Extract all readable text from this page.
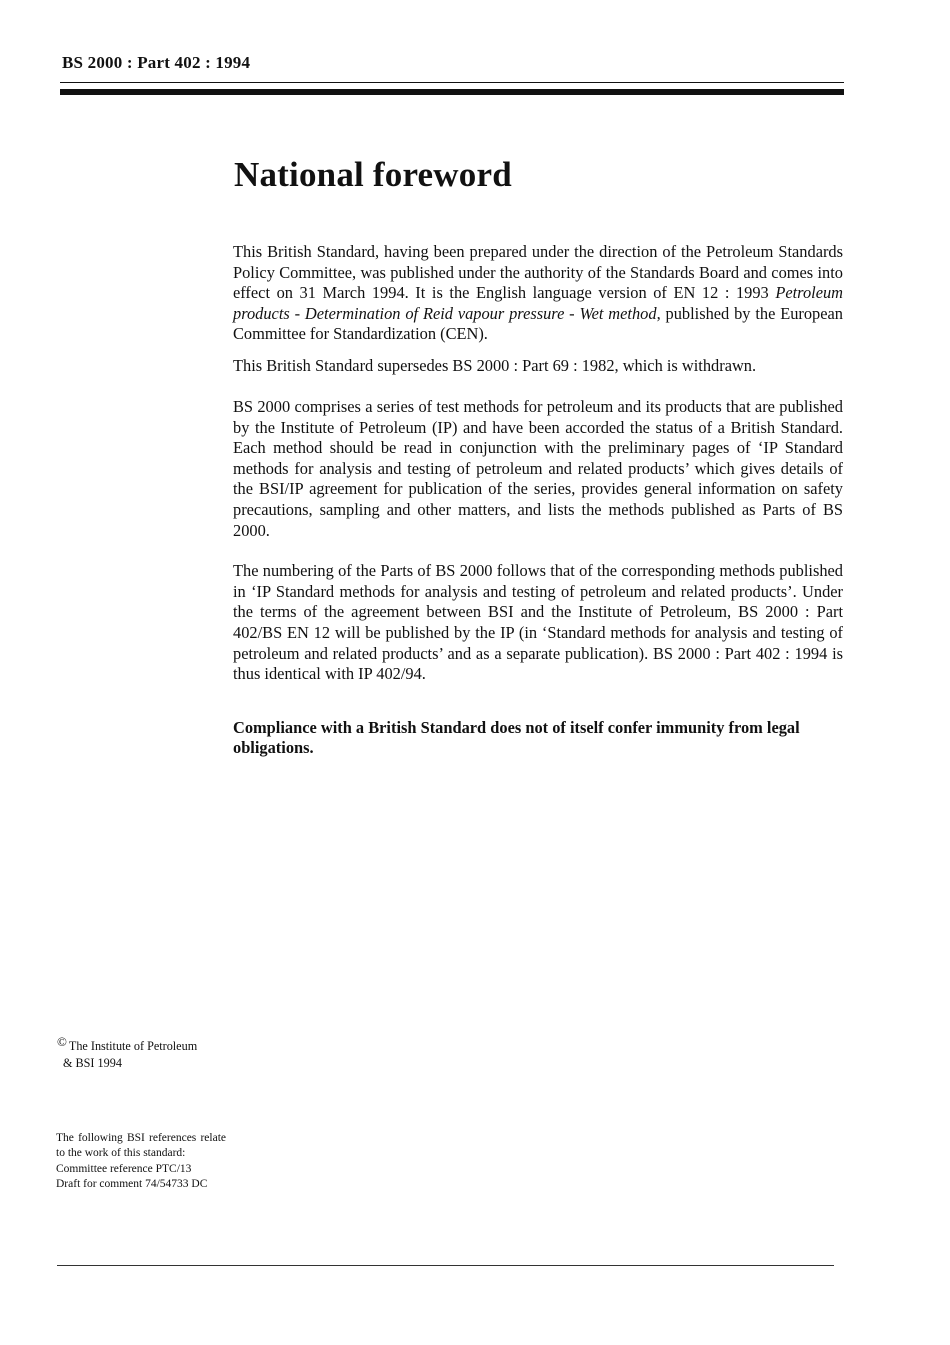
BS 2000 : Part 402 : 1994
National foreword

This British Standard, having been prepared under the direction of the Petroleum Standards Policy Committee, was published under the authority of the Standards Board and comes into effect on 31 March 1994. It is the English language version of EN 12 : 1993 Petroleum products - Determination of Reid vapour pressure - Wet method, published by the European Committee for Standardization (CEN).

This British Standard supersedes BS 2000 : Part 69 : 1982, which is withdrawn.

BS 2000 comprises a series of test methods for petroleum and its products that are published by the Institute of Petroleum (IP) and have been accorded the status of a British Standard. Each method should be read in conjunction with the preliminary pages of ‘IP Standard methods for analysis and testing of petroleum and related products’ which gives details of the BSI/IP agreement for publication of the series, provides general information on safety precautions, sampling and other matters, and lists the methods published as Parts of BS 2000.

The numbering of the Parts of BS 2000 follows that of the corresponding methods published in ‘IP Standard methods for analysis and testing of petroleum and related products’. Under the terms of the agreement between BSI and the Institute of Petroleum, BS 2000 : Part 402/BS EN 12 will be published by the IP (in ‘Standard methods for analysis and testing of petroleum and related products’ and as a separate publication). BS 2000 : Part 402 : 1994 is thus identical with IP 402/94.

Compliance with a British Standard does not of itself confer immunity from legal obligations.

© The Institute of Petroleum
& BSI 1994
The following BSI references relate to the work of this standard:
Committee reference PTC/13
Draft for comment 74/54733 DC
